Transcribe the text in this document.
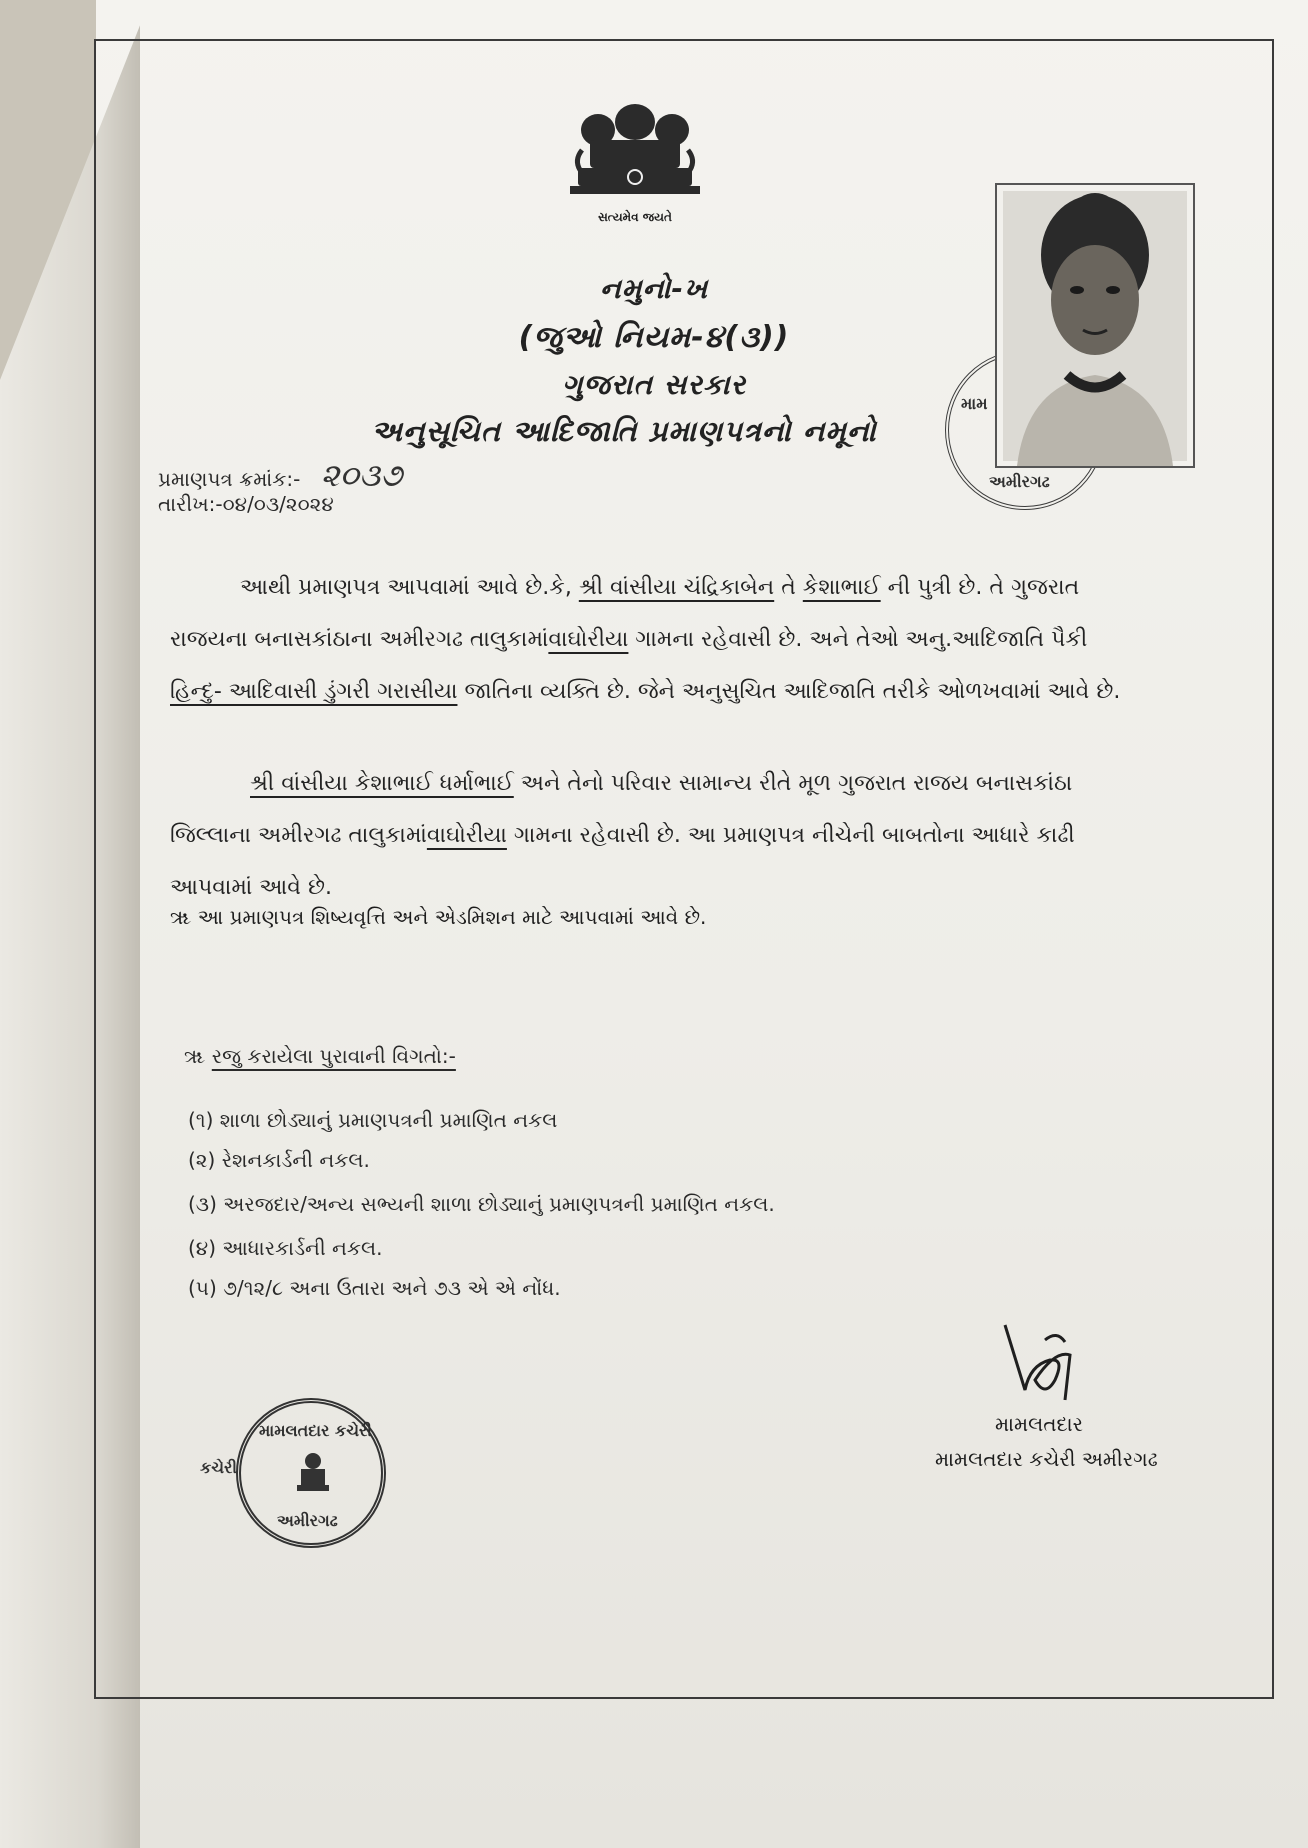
સત્યમેવ જયતે
નમુનો-ખ
(જુઓ નિયમ-૪(૩))
ગુજરાત સરકાર
અનુસૂચિત આદિજાતિ પ્રમાણપત્રનો નમૂનો
મામ
અમીરગઢ
પ્રમાણપત્ર ક્રમાંક:- ૨૦૩૭
તારીખ:-૦૪/૦૩/૨૦૨૪
આથી પ્રમાણપત્ર આપવામાં આવે છે.કે, શ્રી વાંસીયા ચંદ્રિકાબેન તે કેશાભાઈ ની પુત્રી છે. તે ગુજરાત
રાજયના બનાસકાંઠાના અમીરગઢ તાલુકામાંવાઘોરીયા ગામના રહેવાસી છે. અને તેઓ અનુ.આદિજાતિ પૈકી
હિન્દુ- આદિવાસી ડુંગરી ગરાસીયા જાતિના વ્યક્તિ છે. જેને અનુસુચિત આદિજાતિ તરીકે ઓળખવામાં આવે છે.
શ્રી વાંસીયા કેશાભાઈ ધર્માભાઈ અને તેનો પરિવાર સામાન્ય રીતે મૂળ ગુજરાત રાજય બનાસકાંઠા
જિલ્લાના અમીરગઢ તાલુકામાંવાઘોરીયા ગામના રહેવાસી છે. આ પ્રમાણપત્ર નીચેની બાબતોના આધારે કાઢી
આપવામાં આવે છે.
ૠ આ પ્રમાણપત્ર શિષ્યવૃત્તિ અને એડમિશન માટે આપવામાં આવે છે.
ૠ રજુ કરાયેલા પુરાવાની વિગતો:-
(૧) શાળા છોડ્યાનું પ્રમાણપત્રની પ્રમાણિત નકલ
(૨) રેશનકાર્ડની નકલ.
(૩) અરજદાર/અન્ય સભ્યની શાળા છોડ્યાનું પ્રમાણપત્રની પ્રમાણિત નકલ.
(૪) આધારકાર્ડની નકલ.
(૫) ૭/૧૨/૮ અના ઉતારા અને ૭૩ એ એ નોંધ.
મામલતદાર
મામલતદાર કચેરી અમીરગઢ
કચેરી
મામલતદાર કચેરી
અમીરગઢ
